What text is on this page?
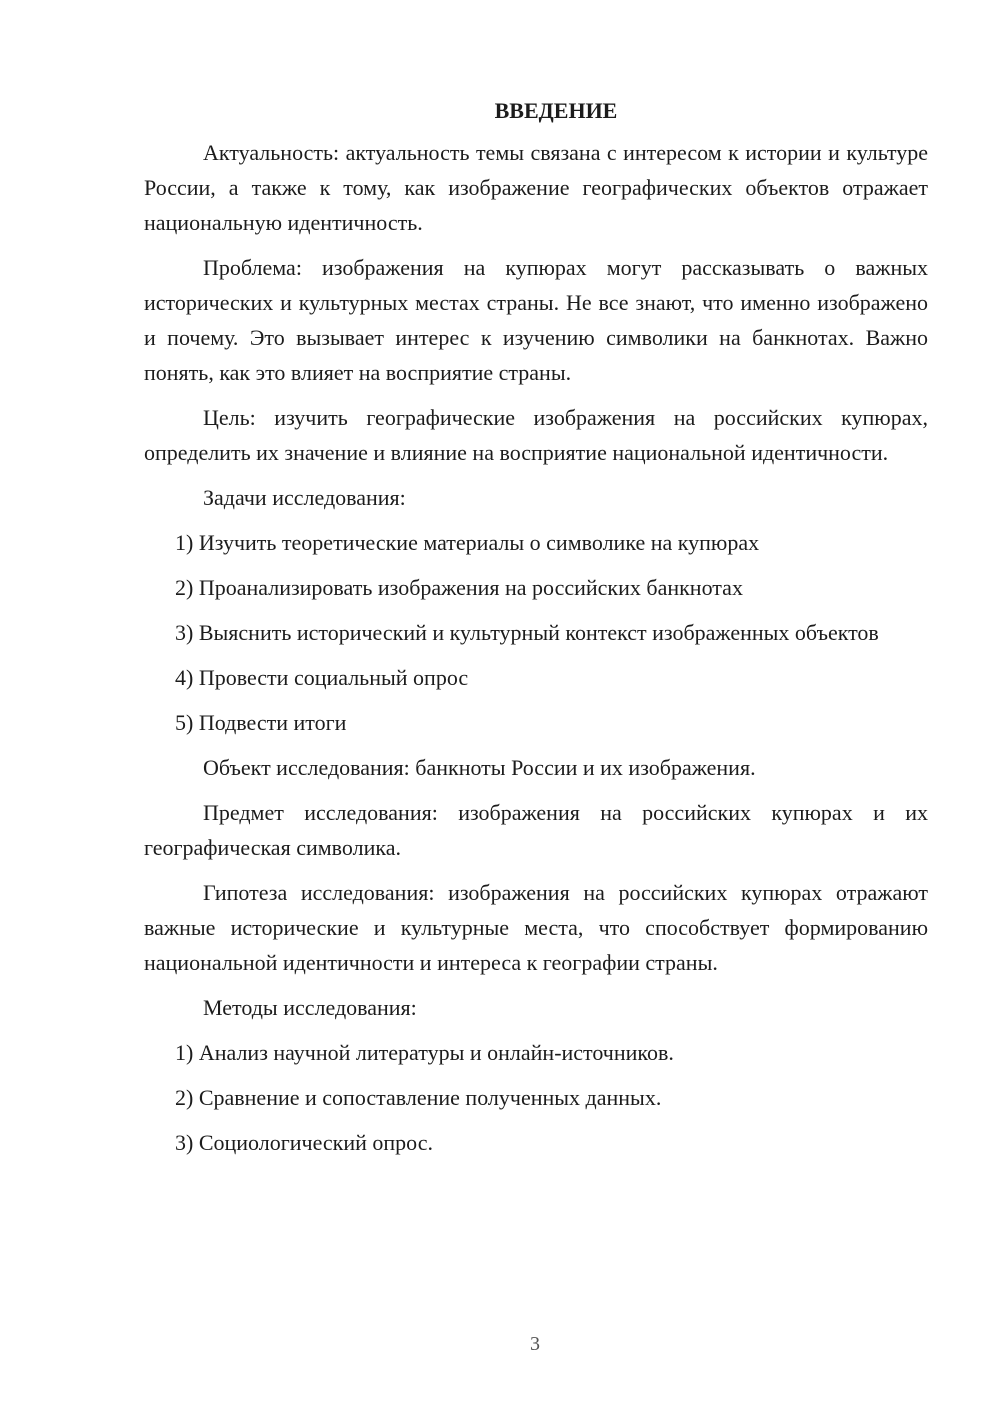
ВВЕДЕНИЕ

Актуальность: актуальность темы связана с интересом к истории и культуре России, а также к тому, как изображение географических объектов отражает национальную идентичность.

Проблема: изображения на купюрах могут рассказывать о важных исторических и культурных местах страны. Не все знают, что именно изображено и почему. Это вызывает интерес к изучению символики на банкнотах. Важно понять, как это влияет на восприятие страны.

Цель: изучить географические изображения на российских купюрах, определить их значение и влияние на восприятие национальной идентичности.

Задачи исследования:

1) Изучить теоретические материалы о символике на купюрах

2) Проанализировать изображения на российских банкнотах

3) Выяснить исторический и культурный контекст изображенных объектов

4) Провести социальный опрос

5) Подвести итоги

Объект исследования: банкноты России и их изображения.

Предмет исследования: изображения на российских купюрах и их географическая символика.

Гипотеза исследования: изображения на российских купюрах отражают важные исторические и культурные места, что способствует формированию национальной идентичности и интереса к географии страны.

Методы исследования:

1) Анализ научной литературы и онлайн-источников.

2) Сравнение и сопоставление полученных данных.

3) Социологический опрос.

3
